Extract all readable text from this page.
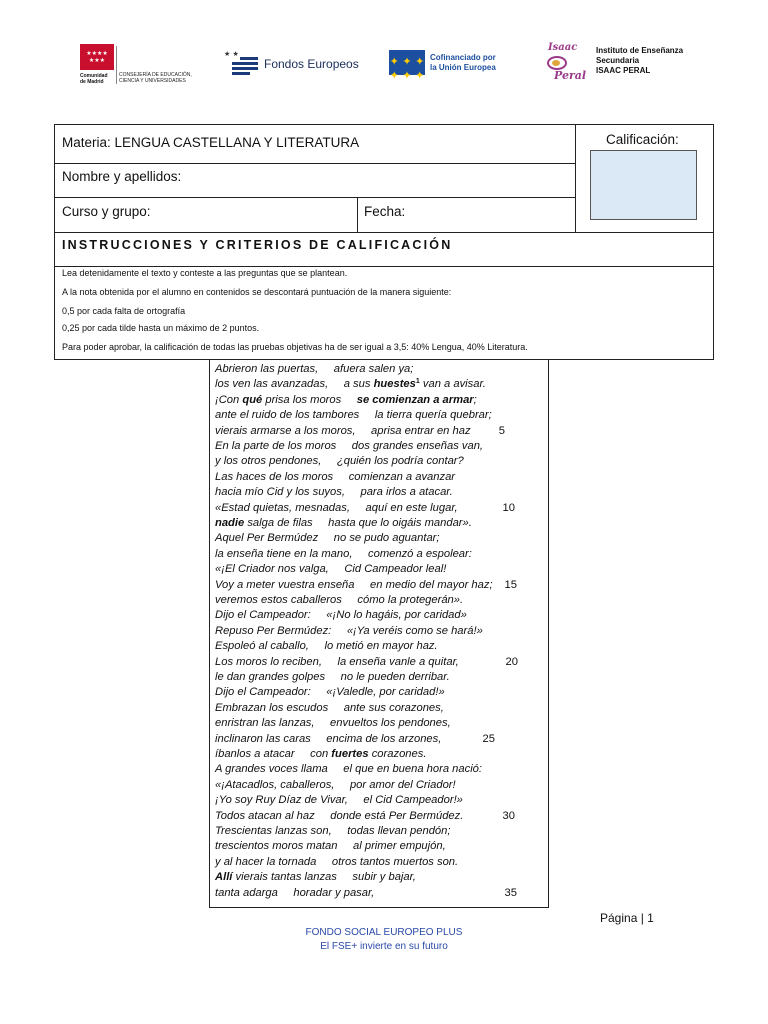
★★★★
★★★
Comunidad de Madrid
CONSEJERÍA DE EDUCACIÓN, CIENCIA Y UNIVERSIDADES
★ ★
Fondos Europeos	✦ ✦ ✦
✦ ✦ ✦
Cofinanciado por
la Unión Europea
Isaac
Peral
Instituto de Enseñanza
Secundaria
ISAAC PERAL
Materia: LENGUA CASTELLANA Y LITERATURA
Nombre y apellidos:
Curso y grupo:	Fecha:
Calificación:
INSTRUCCIONES Y CRITERIOS DE CALIFICACIÓN
Lea detenidamente el texto y conteste a las preguntas que se plantean.
A la nota obtenida por el alumno en contenidos se descontará puntuación de la manera siguiente:
0,5 por cada falta de ortografía
0,25 por cada tilde hasta un máximo de 2 puntos.
Para poder aprobar, la calificación de todas las pruebas objetivas ha de ser igual a 3,5: 40% Lengua, 40% Literatura.
Abrieron las puertas,     afuera salen ya;
los ven las avanzadas,     a sus huestes$^1$ van a avisar.
¡Con qué prisa los moros     se comienzan a armar;
ante el ruido de los tambores     la tierra quería quebrar;
vierais armarse a los moros,     aprisa entrar en haz	5
En la parte de los moros     dos grandes enseñas van,
y los otros pendones,     ¿quién los podría contar?
Las haces de los moros     comienzan a avanzar
hacia mío Cid y los suyos,     para irlos a atacar.
«Estad quietas, mesnadas,     aquí en este lugar,	10
nadie salga de filas     hasta que lo oigáis mandar».
Aquel Per Bermúdez     no se pudo aguantar;
la enseña tiene en la mano,     comenzó a espolear:
«¡El Criador nos valga,     Cid Campeador leal!
Voy a meter vuestra enseña     en medio del mayor haz;	15
veremos estos caballeros     cómo la protegerán».
Dijo el Campeador:     «¡No lo hagáis, por caridad»
Repuso Per Bermúdez:     «¡Ya veréis como se hará!»
Espoleó al caballo,     lo metió en mayor haz.
Los moros lo reciben,     la enseña vanle a quitar,	20
le dan grandes golpes     no le pueden derribar.
Dijo el Campeador:     «¡Valedle, por caridad!»
Embrazan los escudos     ante sus corazones,
enristran las lanzas,     envueltos los pendones,
inclinaron las caras     encima de los arzones,	25
íbanlos a atacar     con fuertes corazones.
A grandes voces llama     el que en buena hora nació:
«¡Atacadlos, caballeros,     por amor del Criador!
¡Yo soy Ruy Díaz de Vivar,     el Cid Campeador!»
Todos atacan al haz     donde está Per Bermúdez.	30
Trescientas lanzas son,     todas llevan pendón;
trescientos moros matan     al primer empujón,
y al hacer la tornada     otros tantos muertos son.
Allí vierais tantas lanzas     subir y bajar,
tanta adarga     horadar y pasar,	35
Página | 1
FONDO SOCIAL EUROPEO PLUS
El FSE+ invierte en su futuro
